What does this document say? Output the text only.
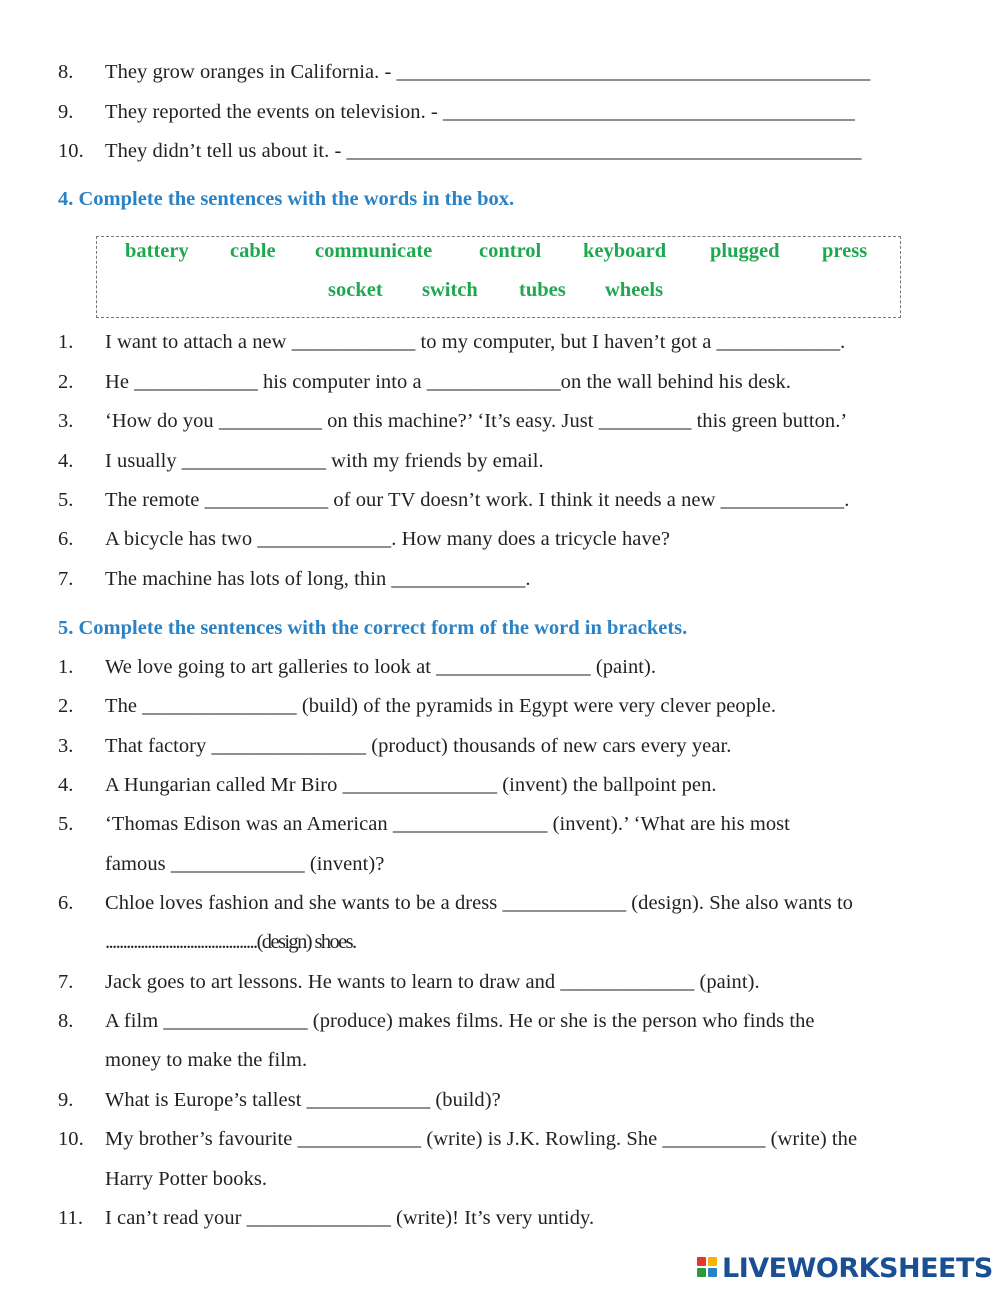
8. They grow oranges in California. - ______________________________________________
9. They reported the events on television. - ________________________________________
10. They didn’t tell us about it. - __________________________________________________
4. Complete the sentences with the words in the box.
battery cable communicate control keyboard plugged press
socket switch tubes wheels
1. I want to attach a new ____________ to my computer, but I haven’t got a ____________.
2. He ____________ his computer into a _____________on the wall behind his desk.
3. ‘How do you __________ on this machine?’ ‘It’s easy. Just _________ this green button.’
4. I usually ______________ with my friends by email.
5. The remote ____________ of our TV doesn’t work. I think it needs a new ____________.
6. A bicycle has two _____________. How many does a tricycle have?
7. The machine has lots of long, thin _____________.
5. Complete the sentences with the correct form of the word in brackets.
1. We love going to art galleries to look at _______________ (paint).
2. The _______________ (build) of the pyramids in Egypt were very clever people.
3. That factory _______________ (product) thousands of new cars every year.
4. A Hungarian called Mr Biro _______________ (invent) the ballpoint pen.
5. ‘Thomas Edison was an American _______________ (invent).’ ‘What are his most
famous _____________ (invent)?
6. Chloe loves fashion and she wants to be a dress ____________ (design). She also wants to
...........................................(design) shoes.
7. Jack goes to art lessons. He wants to learn to draw and _____________ (paint).
8. A film ______________ (produce) makes films. He or she is the person who finds the
money to make the film.
9. What is Europe’s tallest ____________ (build)?
10. My brother’s favourite ____________ (write) is J.K. Rowling. She __________ (write) the
Harry Potter books.
11. I can’t read your ______________ (write)! It’s very untidy.
LIVEWORKSHEETS
